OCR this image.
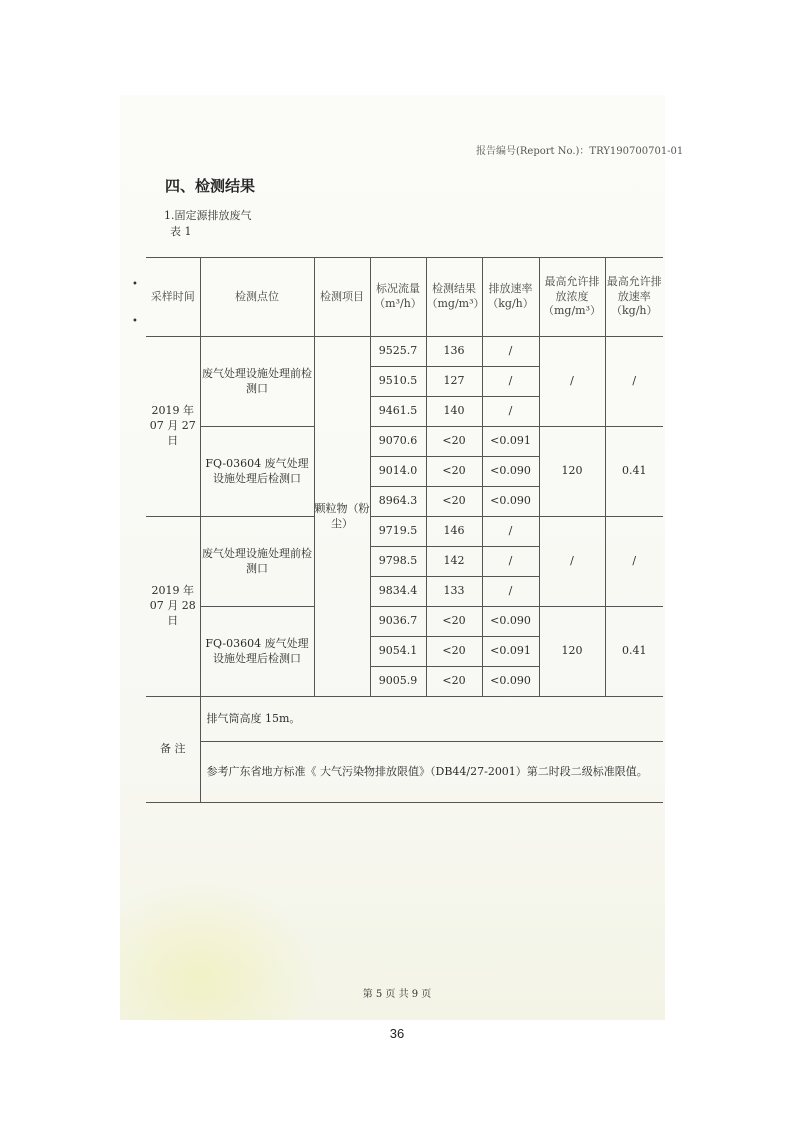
报告编号(Report No.)：TRY190700701-01
四、检测结果
1.固定源排放废气
表 1
•
•
采样时间	检测点位	检测项目	标况流量（m³/h）	检测结果（mg/m³）	排放速率（kg/h）	最高允许排放浓度（mg/m³）	最高允许排放速率（kg/h）
2019 年 07 月 27 日	废气处理设施处理前检测口	颗粒物（粉尘）	9525.7	136	/	/	/
			9510.5	127	/		
			9461.5	140	/		
	FQ-03604 废气处理设施处理后检测口		9070.6	<20	<0.091	120	0.41
			9014.0	<20	<0.090		
			8964.3	<20	<0.090		
2019 年 07 月 28 日	废气处理设施处理前检测口		9719.5	146	/	/	/
			9798.5	142	/		
			9834.4	133	/		
	FQ-03604 废气处理设施处理后检测口		9036.7	<20	<0.090	120	0.41
			9054.1	<20	<0.091		
			9005.9	<20	<0.090		
备 注	排气筒高度 15m。						
	参考广东省地方标准《 大气污染物排放限值》（DB44/27-2001）第二时段二级标准限值。						
第 5 页 共 9 页
36
